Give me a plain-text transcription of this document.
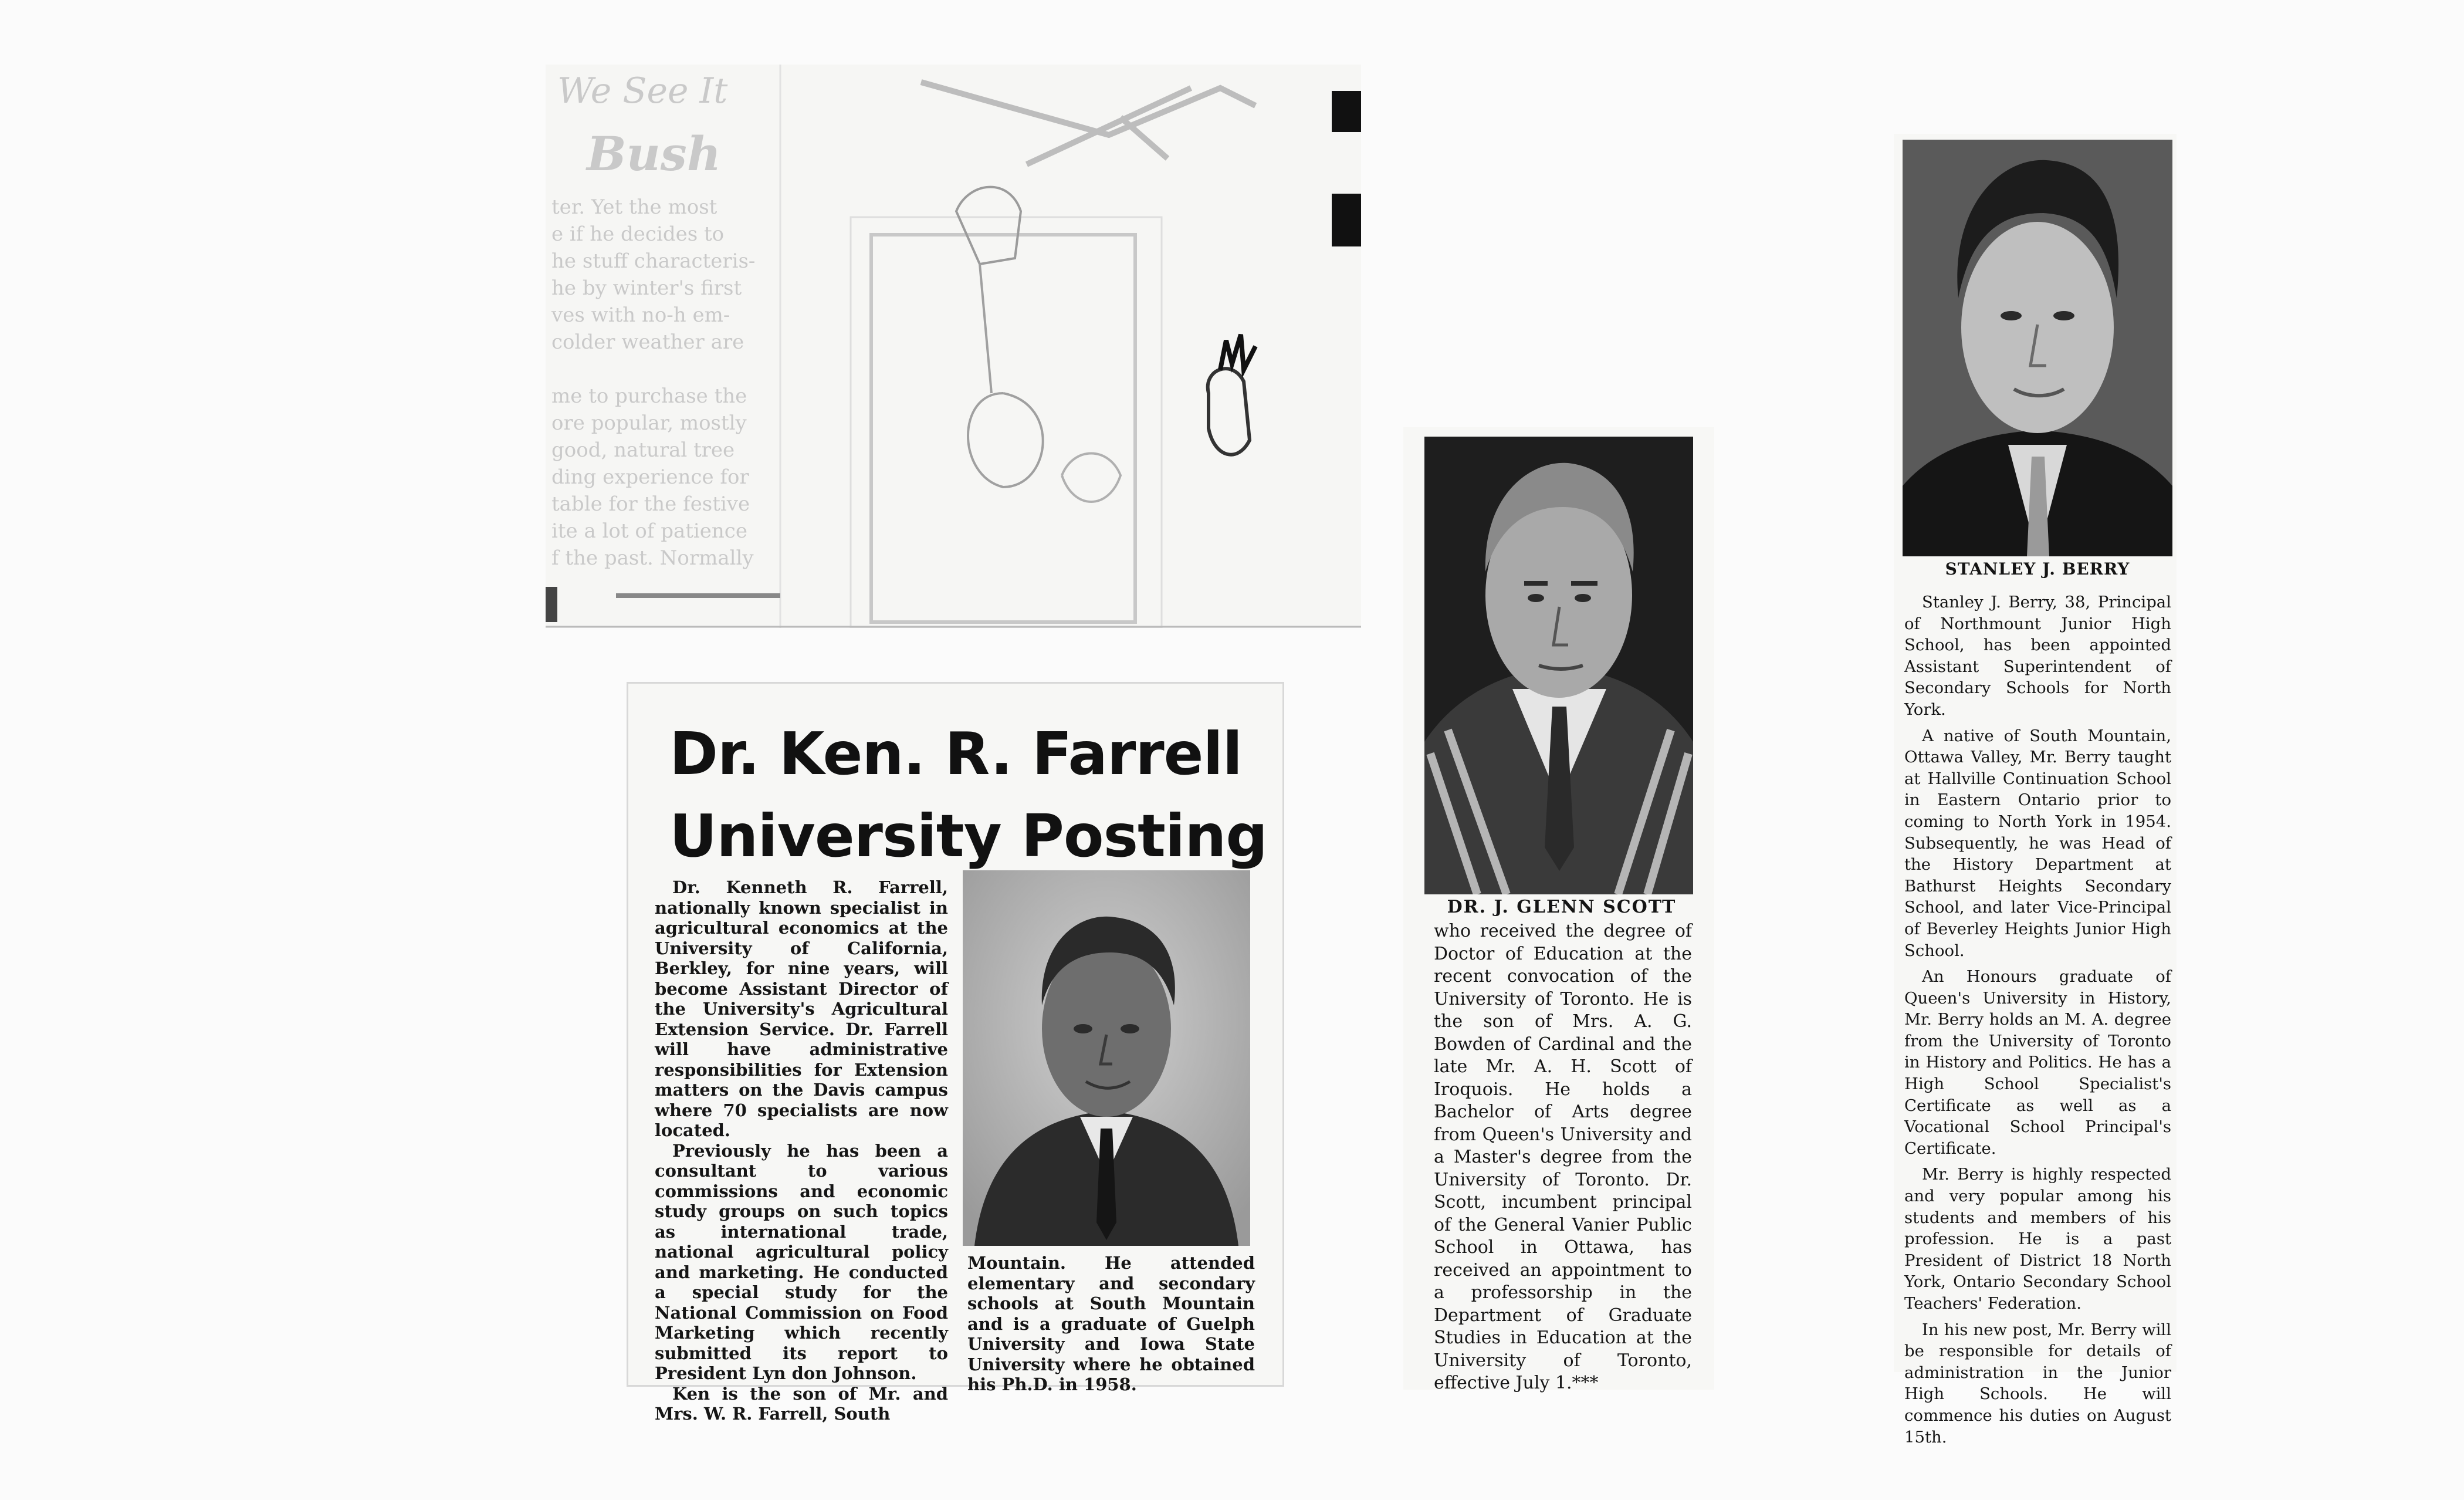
We See It
Bush
ter. Yet the most
e if he decides to
he stuff characteris-
he by winter's first
ves with no-h em-
colder weather are

me to purchase the
ore popular, mostly
good, natural tree
ding experience for
table for the festive
ite a lot of patience
f the past. Normally
Dr. Ken. R. Farrell
University Posting

Dr. Kenneth R. Farrell, nationally known specialist in agricultural economics at the University of California, Berkley, for nine years, will become Assistant Director of the University's Agricultural Extension Service. Dr. Farrell will have administrative responsibilities for Extension matters on the Davis campus where 70 specialists are now located.

Previously he has been a consultant to various commissions and economic study groups on such topics as international trade, national agricultural policy and marketing. He conducted a special study for the National Commission on Food Marketing which recently submitted its report to President Lyn don Johnson.

Ken is the son of Mr. and Mrs. W. R. Farrell, South

Mountain. He attended elementary and secondary schools at South Mountain and is a graduate of Guelph University and Iowa State University where he obtained his Ph.D. in 1958.
DR. J. GLENN SCOTT
who received the degree of Doctor of Education at the recent convocation of the University of Toronto. He is the son of Mrs. A. G. Bowden of Cardinal and the late Mr. A. H. Scott of Iroquois. He holds a Bachelor of Arts degree from Queen's University and a Master's degree from the University of Toronto. Dr. Scott, incumbent principal of the General Vanier Public School in Ottawa, has received an appointment to a professorship in the Department of Graduate Studies in Education at the University of Toronto, effective July 1.***
STANLEY J. BERRY

Stanley J. Berry, 38, Principal of Northmount Junior High School, has been appointed Assistant Superintendent of Secondary Schools for North York.

A native of South Mountain, Ottawa Valley, Mr. Berry taught at Hallville Continuation School in Eastern Ontario prior to coming to North York in 1954. Subsequently, he was Head of the History Department at Bathurst Heights Secondary School, and later Vice-Principal of Beverley Heights Junior High School.

An Honours graduate of Queen's University in History, Mr. Berry holds an M. A. degree from the University of Toronto in History and Politics. He has a High School Specialist's Certificate as well as a Vocational School Principal's Certificate.

Mr. Berry is highly respected and very popular among his students and members of his profession. He is a past President of District 18 North York, Ontario Secondary School Teachers' Federation.

In his new post, Mr. Berry will be responsible for details of administration in the Junior High Schools. He will commence his duties on August 15th.
